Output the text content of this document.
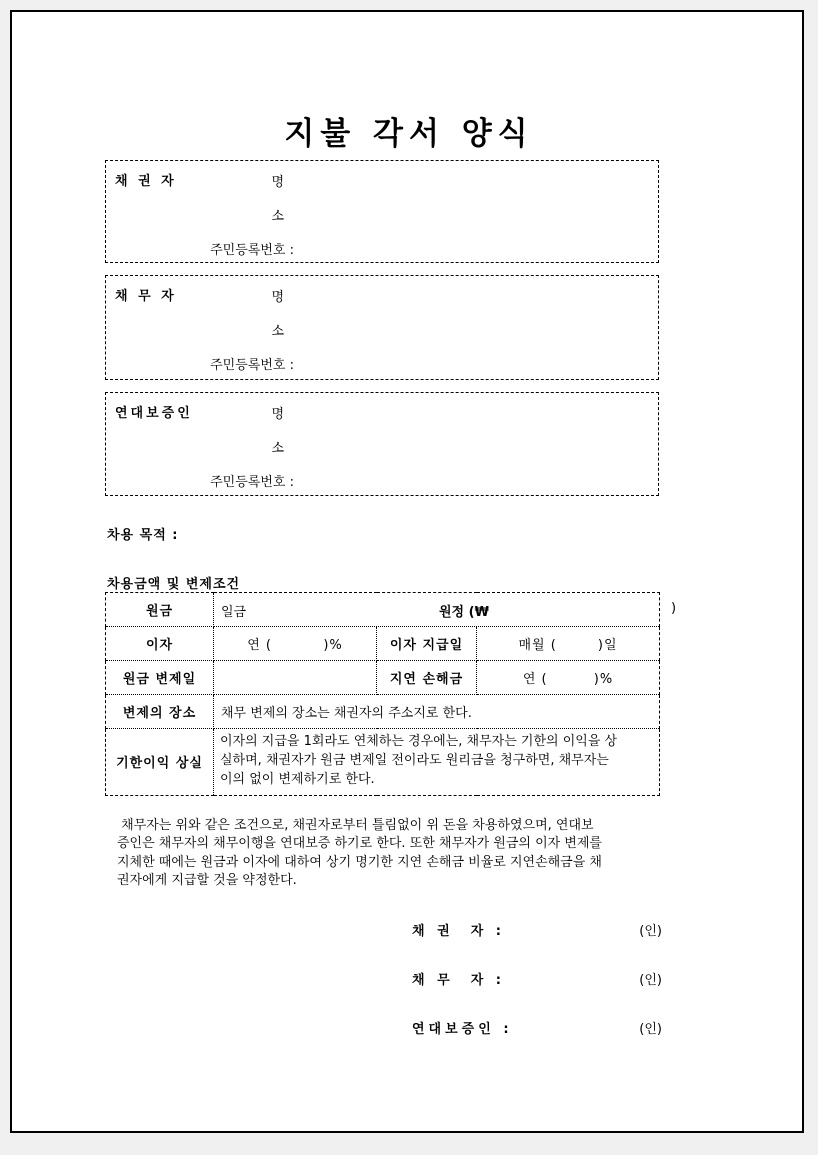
지불 각서 양식
채 권 자	명
소
주민등록번호 :
채 무 자	명
소
주민등록번호 :
연대보증인	명
소
주민등록번호 :
차용 목적 :
차용금액 및 변제조건
원금	일금 원정 (₩ )		

이자	연 (          )%	이자 지급일	매월 (        )일
원금 변제일		지연 손해금	연 (         )%
변제의 장소	채무 변제의 장소는 채권자의 주소지로 한다.		
기한이익 상실	이자의 지급을 1회라도 연체하는 경우에는, 채무자는 기한의 이익을 상
실하며, 채권자가 원금 변제일 전이라도 원리금을 청구하면, 채무자는
이의 없이 변제하기로 한다.		
채무자는 위와 같은 조건으로, 채권자로부터 틀림없이 위 돈을 차용하였으며, 연대보
증인은 채무자의 채무이행을 연대보증 하기로 한다. 또한 채무자가 원금의 이자 변제를
지체한 때에는 원금과 이자에 대하여 상기 명기한 지연 손해금 비율로 지연손해금을 채
권자에게 지급할 것을 약정한다.
채 권  자 :	(인)
채 무  자 :	(인)
연대보증인 :	(인)
